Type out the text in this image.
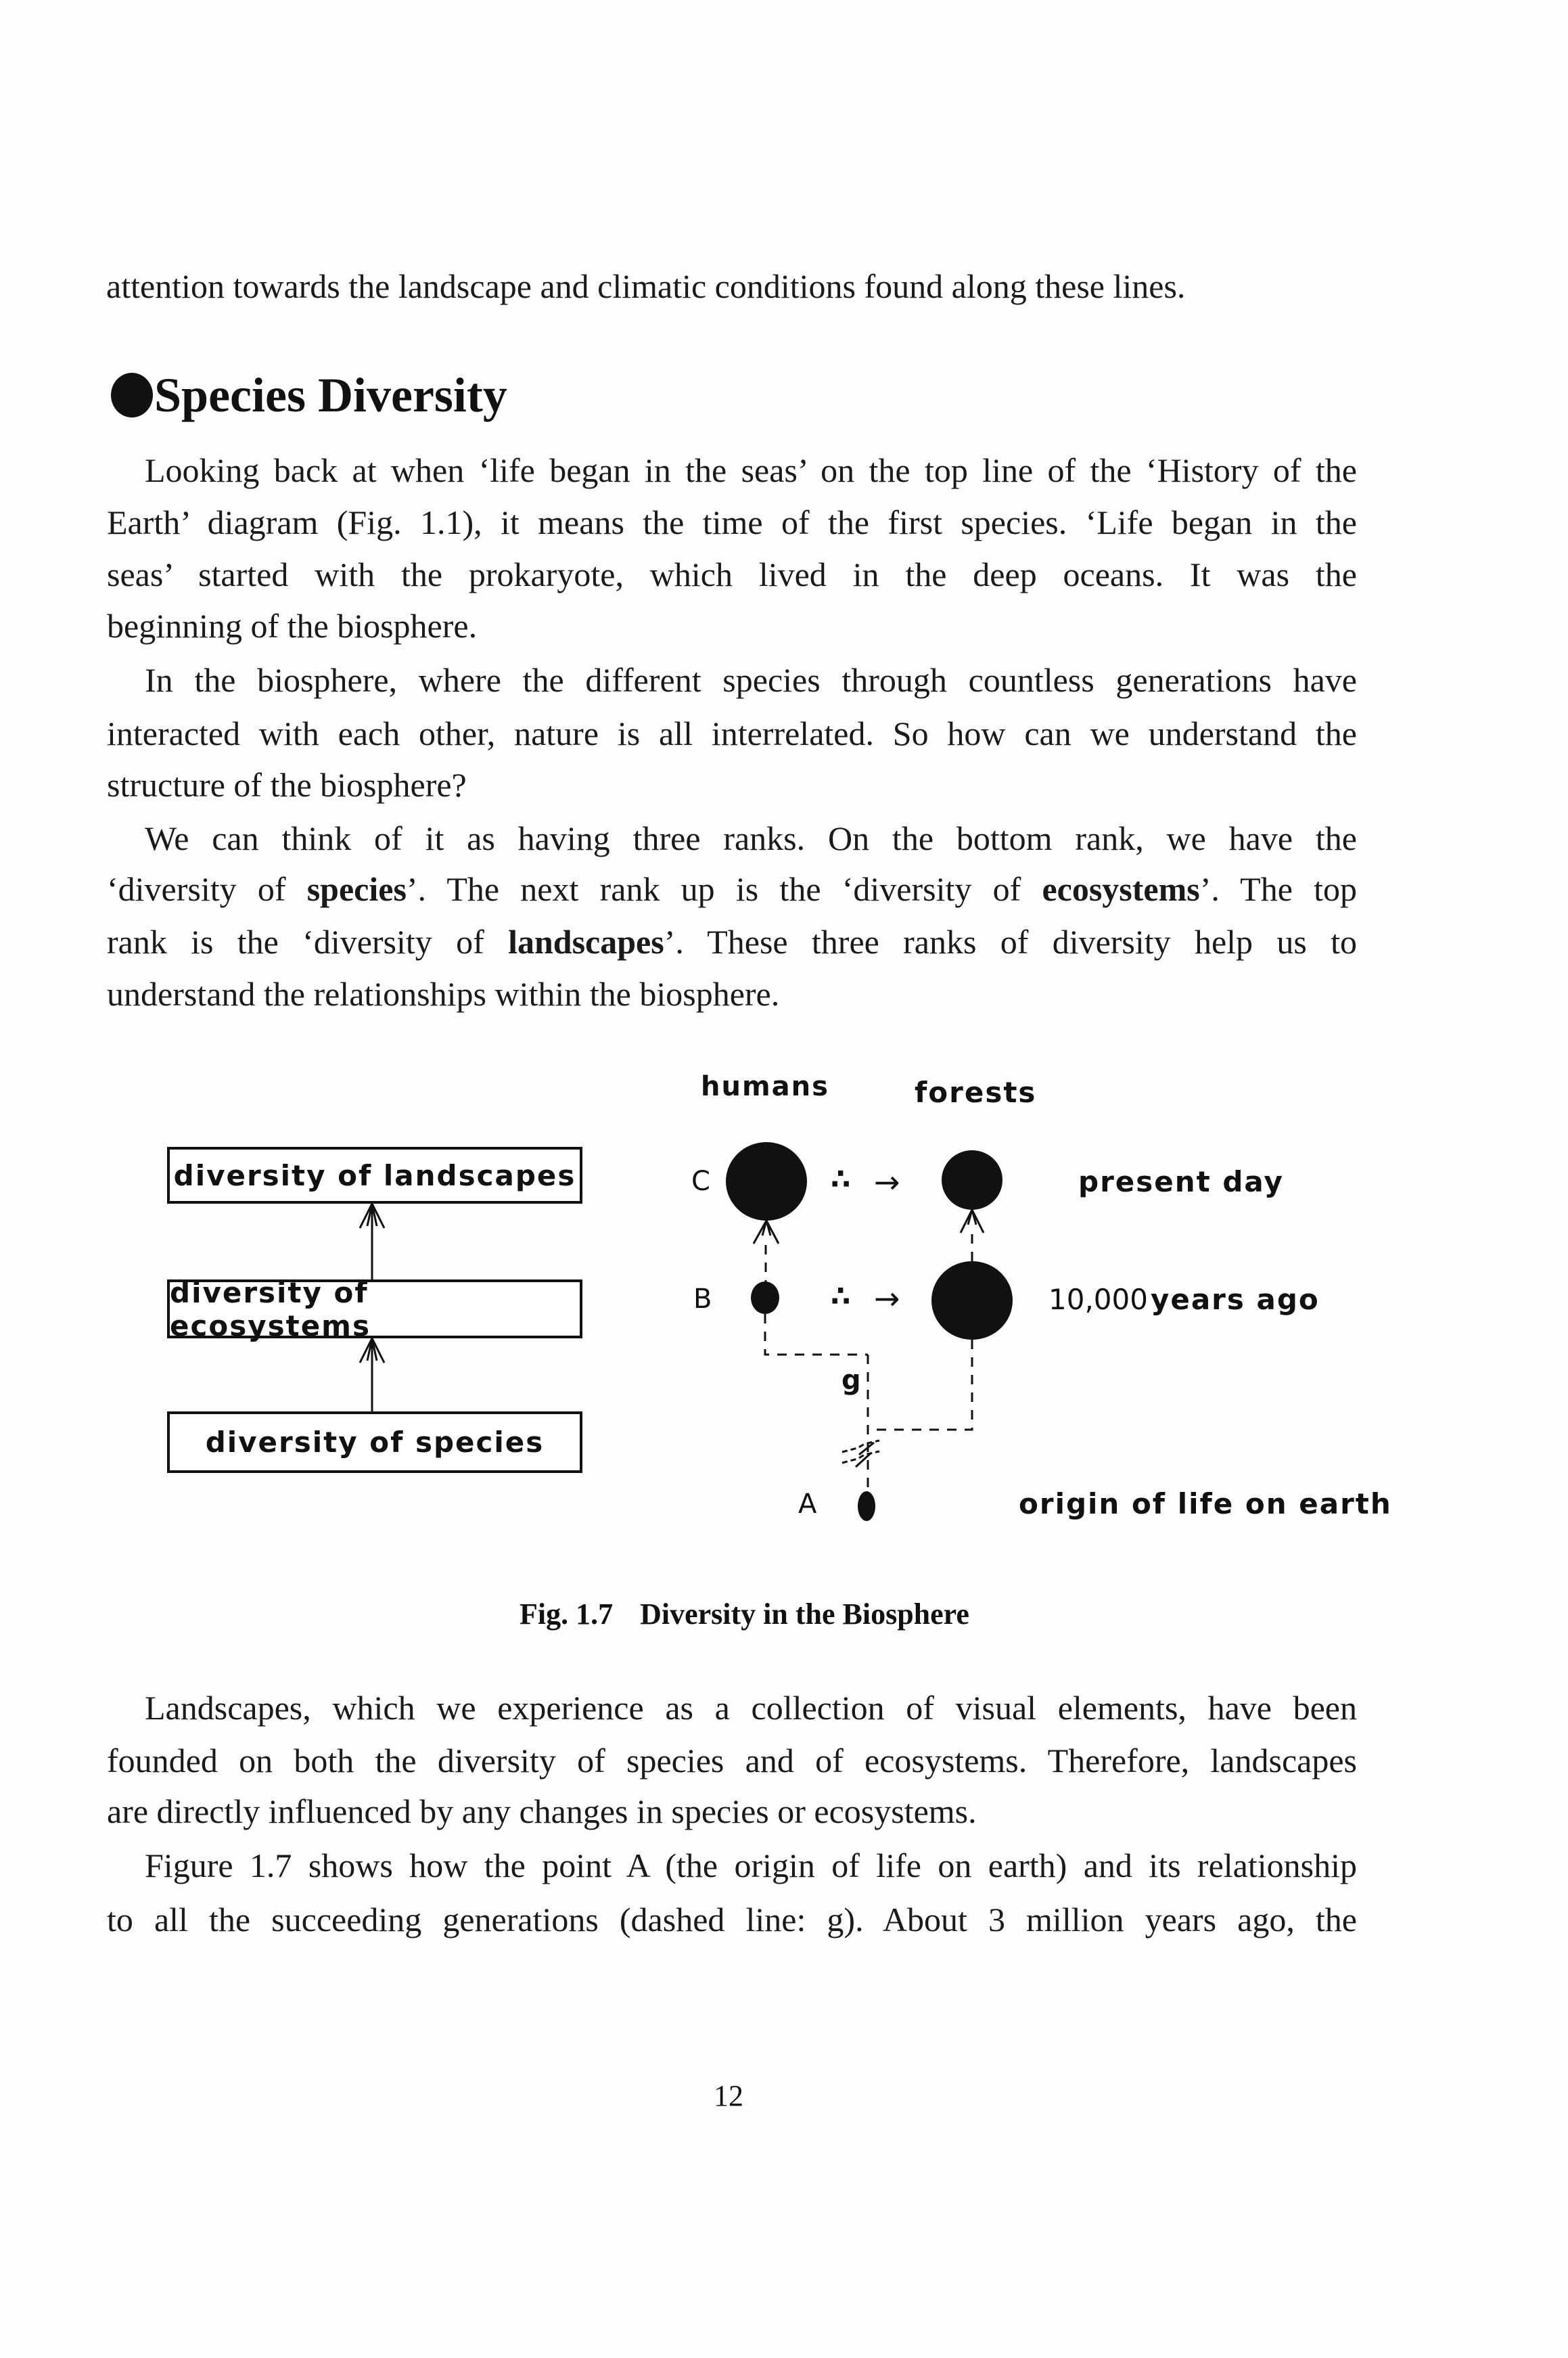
attention towards the landscape and climatic conditions found along these lines.
Species Diversity
Looking back at when ‘life began in the seas’ on the top line of the ‘History of the
Earth’ diagram (Fig. 1.1), it means the time of the first species. ‘Life began in the
seas’ started with the prokaryote, which lived in the deep oceans. It was the
beginning of the biosphere.
In the biosphere, where the different species through countless generations have
interacted with each other, nature is all interrelated. So how can we understand the
structure of the biosphere?
We can think of it as having three ranks. On the bottom rank, we have the
‘diversity of species’. The next rank up is the ‘diversity of ecosystems’. The top
rank is the ‘diversity of landscapes’. These three ranks of diversity help us to
understand the relationships within the biosphere.
Landscapes, which we experience as a collection of visual elements, have been
founded on both the diversity of species and of ecosystems. Therefore, landscapes
are directly influenced by any changes in species or ecosystems.
Figure 1.7 shows how the point A (the origin of life on earth) and its relationship
to all the succeeding generations (dashed line: g). About 3 million years ago, the
diversity of landscapes
diversity of ecosystems
diversity of species
humans	forests
C
B
A
g
∴ →
∴ →
present day
10,000 years ago
origin of life on earth
Fig. 1.7 Diversity in the Biosphere
12
